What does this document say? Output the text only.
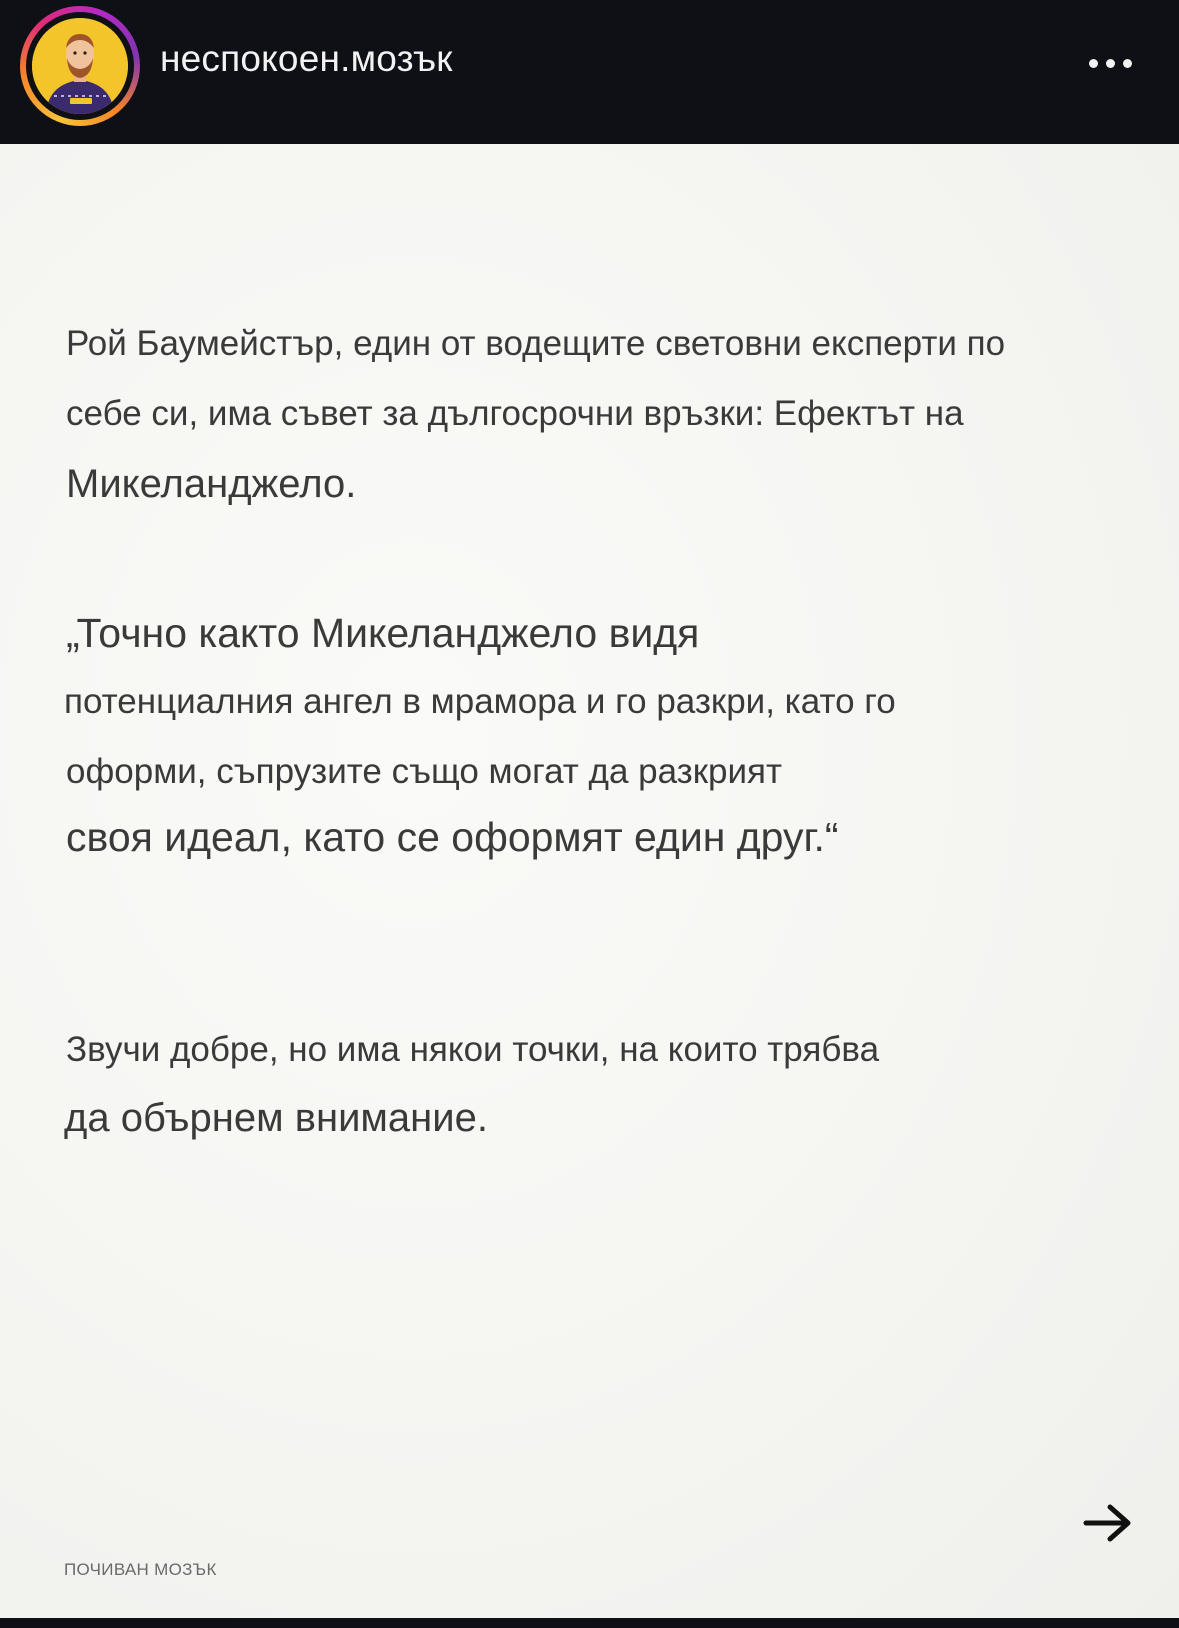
неспокоен.мозък
Рой Баумейстър, един от водещите световни експерти по
себе си, има съвет за дългосрочни връзки: Ефектът на
Микеланджело.
„Точно както Микеланджело видя
потенциалния ангел в мрамора и го разкри, като го
оформи, съпрузите също могат да разкрият
своя идеал, като се оформят един друг.“
Звучи добре, но има някои точки, на които трябва
да обърнем внимание.
ПОЧИВАН МОЗЪК
